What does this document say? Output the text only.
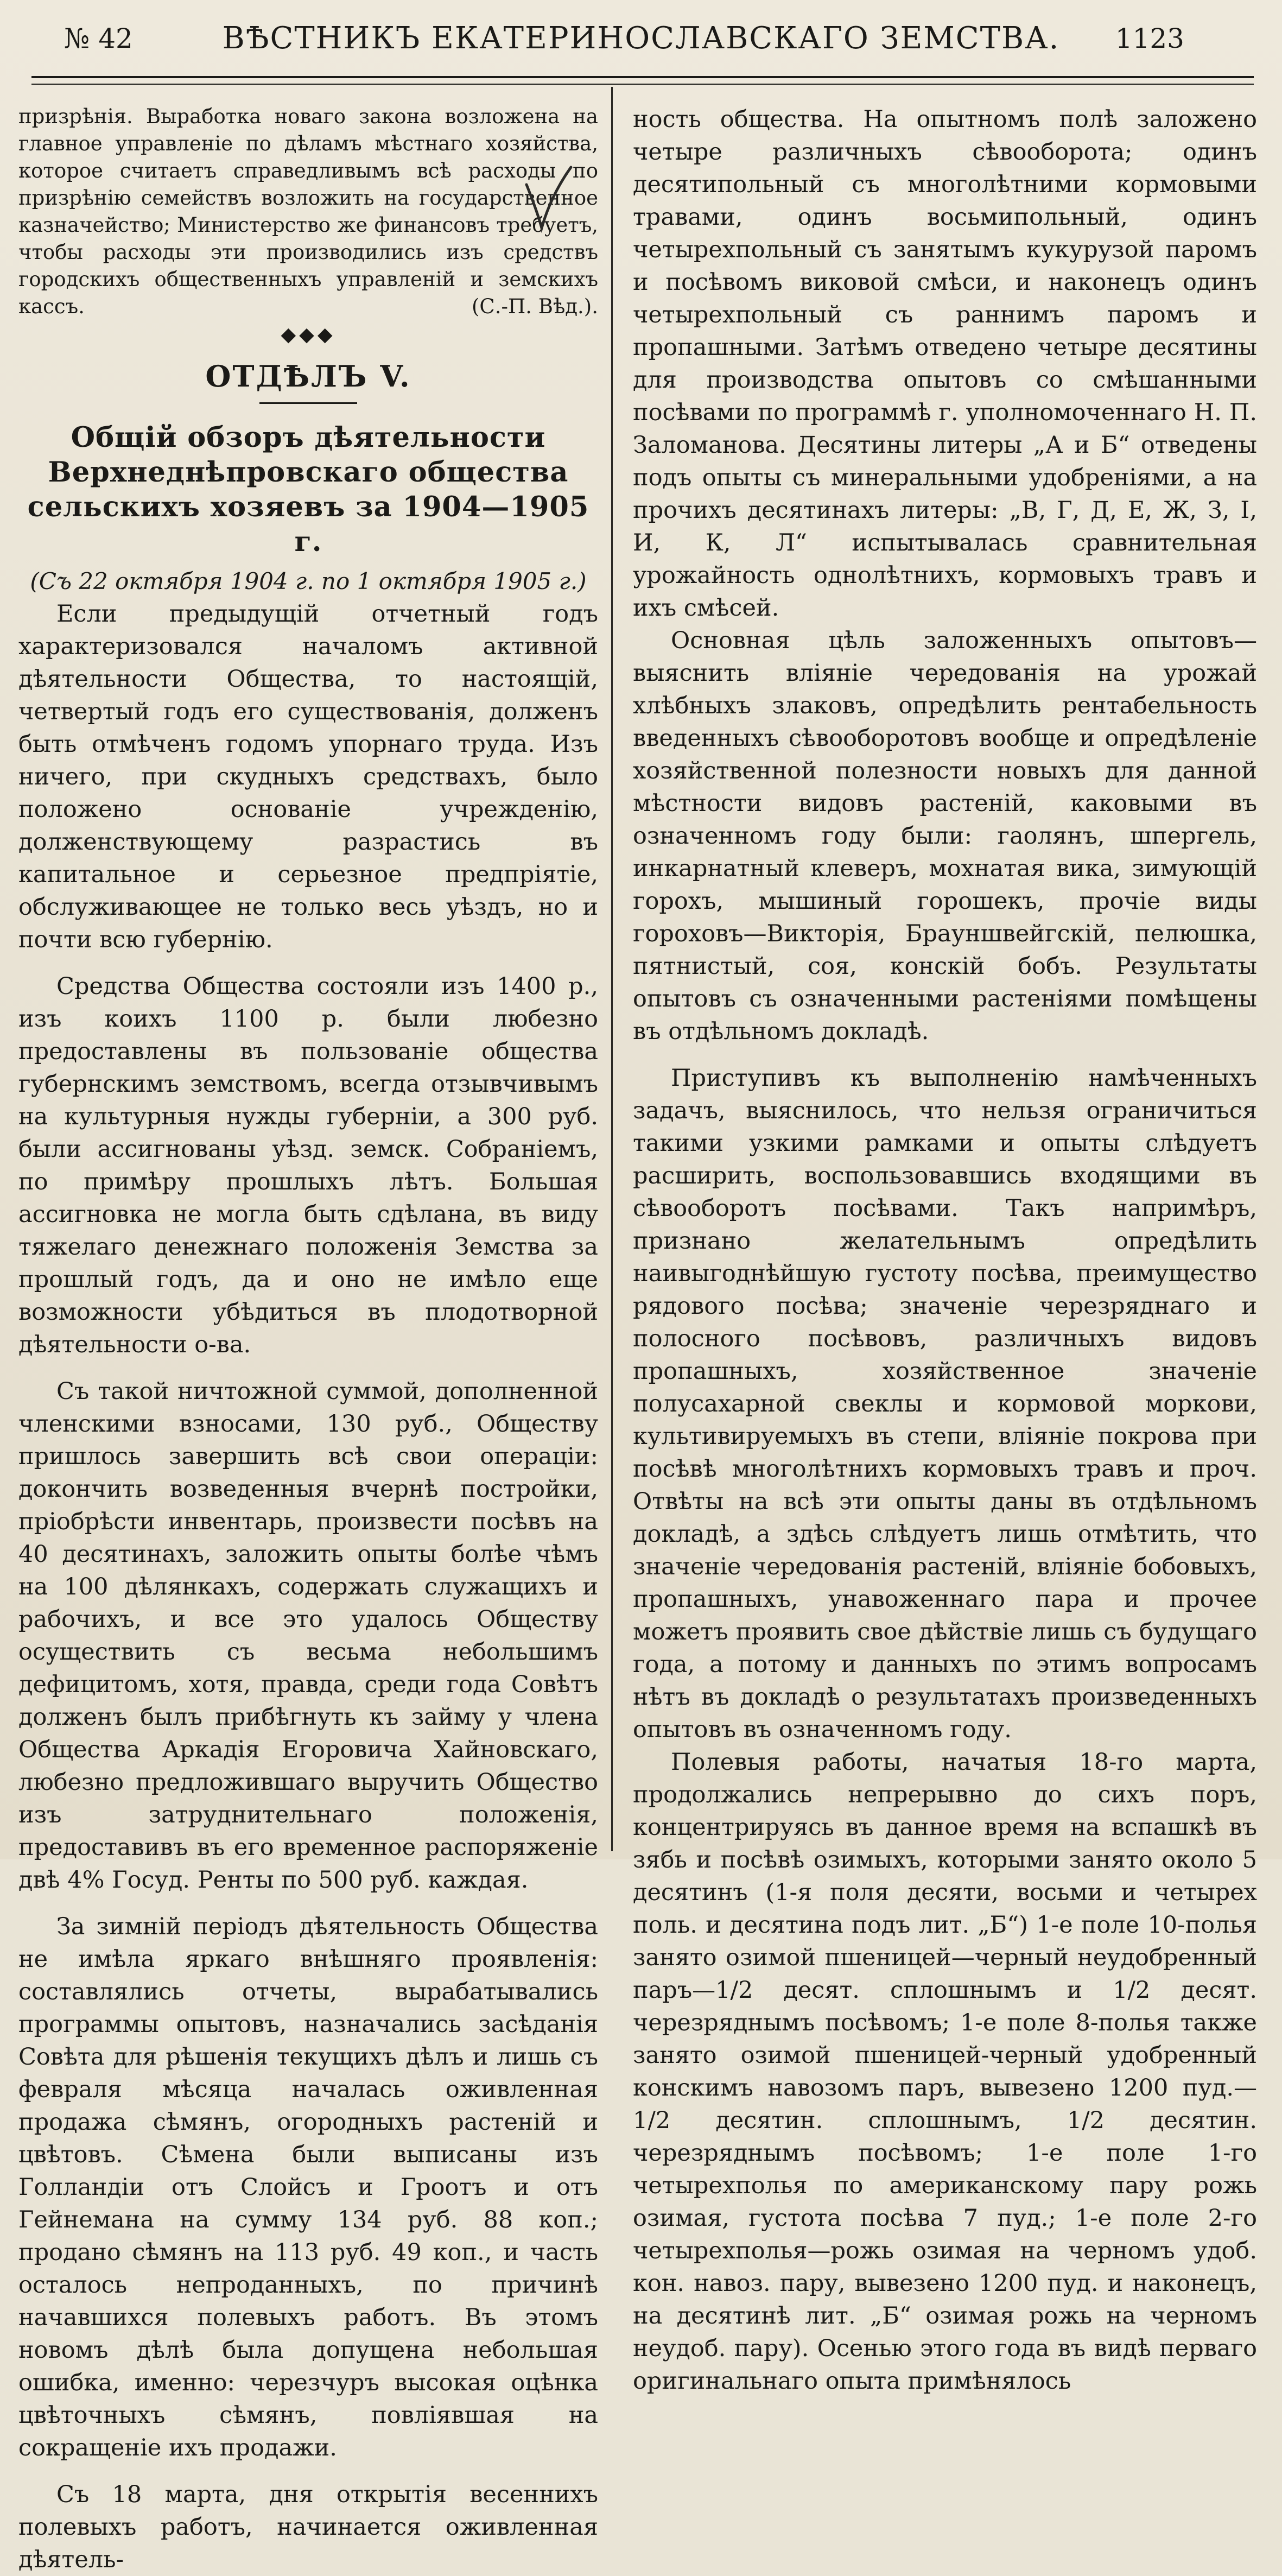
№ 42	ВѢСТНИКЪ ЕКАТЕРИНОСЛАВСКАГО ЗЕМСТВА.	1123

призрѣнія. Выработка новаго закона возложена на главное управленіе по дѣламъ мѣстнаго хозяйства, которое считаетъ справедливымъ всѣ расходы по призрѣнію семействъ возложить на государственное казначейство; Министерство же финансовъ требуетъ, чтобы расходы эти производились изъ средствъ городскихъ общественныхъ управленій и земскихъ кассъ.	(С.-П. Вѣд.).

◆◆◆
ОТДѢЛЪ V.
Общій обзоръ дѣятельности Верхнеднѣпровскаго общества сельскихъ хозяевъ за 1904—1905 г.
(Съ 22 октября 1904 г. по 1 октября 1905 г.)

Если предыдущій отчетный годъ характеризовался началомъ активной дѣятельности Общества, то настоящій, четвертый годъ его существованія, долженъ быть отмѣченъ годомъ упорнаго труда. Изъ ничего, при скудныхъ средствахъ, было положено основаніе учрежденію, долженствующему разрастись въ капитальное и серьезное предпріятіе, обслуживающее не только весь уѣздъ, но и почти всю губернію.

Средства Общества состояли изъ 1400 р., изъ коихъ 1100 р. были любезно предоставлены въ пользованіе общества губернскимъ земствомъ, всегда отзывчивымъ на культурныя нужды губерніи, а 300 руб. были ассигнованы уѣзд. земск. Собраніемъ, по примѣру прошлыхъ лѣтъ. Большая ассигновка не могла быть сдѣлана, въ виду тяжелаго денежнаго положенія Земства за прошлый годъ, да и оно не имѣло еще возможности убѣдиться въ плодотворной дѣятельности о-ва.

Съ такой ничтожной суммой, дополненной членскими взносами, 130 руб., Обществу пришлось завершить всѣ свои операціи: докончить возведенныя вчернѣ постройки, пріобрѣсти инвентарь, произвести посѣвъ на 40 десятинахъ, заложить опыты болѣе чѣмъ на 100 дѣлянкахъ, содержать служащихъ и рабочихъ, и все это удалось Обществу осуществить съ весьма небольшимъ дефицитомъ, хотя, правда, среди года Совѣтъ долженъ былъ прибѣгнуть къ займу у члена Общества Аркадія Егоровича Хайновскаго, любезно предложившаго выручить Общество изъ затруднительнаго положенія, предоставивъ въ его временное распоряженіе двѣ 4% Госуд. Ренты по 500 руб. каждая.

За зимній періодъ дѣятельность Общества не имѣла яркаго внѣшняго проявленія: составлялись отчеты, вырабатывались программы опытовъ, назначались засѣданія Совѣта для рѣшенія текущихъ дѣлъ и лишь съ февраля мѣсяца началась оживленная продажа сѣмянъ, огородныхъ растеній и цвѣтовъ. Сѣмена были выписаны изъ Голландіи отъ Слойсъ и Гроотъ и отъ Гейнемана на сумму 134 руб. 88 коп.; продано сѣмянъ на 113 руб. 49 коп., и часть осталось непроданныхъ, по причинѣ начавшихся полевыхъ работъ. Въ этомъ новомъ дѣлѣ была допущена небольшая ошибка, именно: черезчуръ высокая оцѣнка цвѣточныхъ сѣмянъ, повліявшая на сокращеніе ихъ продажи.

Съ 18 марта, дня открытія весеннихъ полевыхъ работъ, начинается оживленная дѣятель-

ность общества. На опытномъ полѣ заложено четыре различныхъ сѣвооборота; одинъ десятипольный съ многолѣтними кормовыми травами, одинъ восьмипольный, одинъ четырехпольный съ занятымъ кукурузой паромъ и посѣвомъ виковой смѣси, и наконецъ одинъ четырехпольный съ раннимъ паромъ и пропашными. Затѣмъ отведено четыре десятины для производства опытовъ со смѣшанными посѣвами по программѣ г. уполномоченнаго Н. П. Заломанова. Десятины литеры „А и Б“ отведены подъ опыты съ минеральными удобреніями, а на прочихъ десятинахъ литеры: „В, Г, Д, Е, Ж, З, I, И, К, Л“ испытывалась сравнительная урожайность однолѣтнихъ, кормовыхъ травъ и ихъ смѣсей.

Основная цѣль заложенныхъ опытовъ—выяснить вліяніе чередованія на урожай хлѣбныхъ злаковъ, опредѣлить рентабельность введенныхъ сѣвооборотовъ вообще и опредѣленіе хозяйственной полезности новыхъ для данной мѣстности видовъ растеній, каковыми въ означенномъ году были: гаолянъ, шпергель, инкарнатный клеверъ, мохнатая вика, зимующій горохъ, мышиный горошекъ, прочіе виды гороховъ—Викторія, Брауншвейгскій, пелюшка, пятнистый, соя, конскій бобъ. Результаты опытовъ съ означенными растеніями помѣщены въ отдѣльномъ докладѣ.

Приступивъ къ выполненію намѣченныхъ задачъ, выяснилось, что нельзя ограничиться такими узкими рамками и опыты слѣдуетъ расширить, воспользовавшись входящими въ сѣвооборотъ посѣвами. Такъ напримѣръ, признано желательнымъ опредѣлить наивыгоднѣйшую густоту посѣва, преимущество рядового посѣва; значеніе черезряднаго и полосного посѣвовъ, различныхъ видовъ пропашныхъ, хозяйственное значеніе полусахарной свеклы и кормовой моркови, культивируемыхъ въ степи, вліяніе покрова при посѣвѣ многолѣтнихъ кормовыхъ травъ и проч. Отвѣты на всѣ эти опыты даны въ отдѣльномъ докладѣ, а здѣсь слѣдуетъ лишь отмѣтить, что значеніе чередованія растеній, вліяніе бобовыхъ, пропашныхъ, унавоженнаго пара и прочее можетъ проявить свое дѣйствіе лишь съ будущаго года, а потому и данныхъ по этимъ вопросамъ нѣтъ въ докладѣ о результатахъ произведенныхъ опытовъ въ означенномъ году.

Полевыя работы, начатыя 18-го марта, продолжались непрерывно до сихъ поръ, концентрируясь въ данное время на вспашкѣ въ зябь и посѣвѣ озимыхъ, которыми занято около 5 десятинъ (1-я поля десяти, восьми и четырех поль. и десятина подъ лит. „Б“) 1-е поле 10-полья занято озимой пшеницей—черный неудобренный паръ—1/2 десят. сплошнымъ и 1/2 десят. черезряднымъ посѣвомъ; 1-е поле 8-полья также занято озимой пшеницей-черный удобренный конскимъ навозомъ паръ, вывезено 1200 пуд.—1/2 десятин. сплошнымъ, 1/2 десятин. черезряднымъ посѣвомъ; 1-е поле 1-го четырехполья по американскому пару рожь озимая, густота посѣва 7 пуд.; 1-е поле 2-го четырехполья—рожь озимая на черномъ удоб. кон. навоз. пару, вывезено 1200 пуд. и наконецъ, на десятинѣ лит. „Б“ озимая рожь на черномъ неудоб. пару). Осенью этого года въ видѣ перваго оригинальнаго опыта примѣнялось
